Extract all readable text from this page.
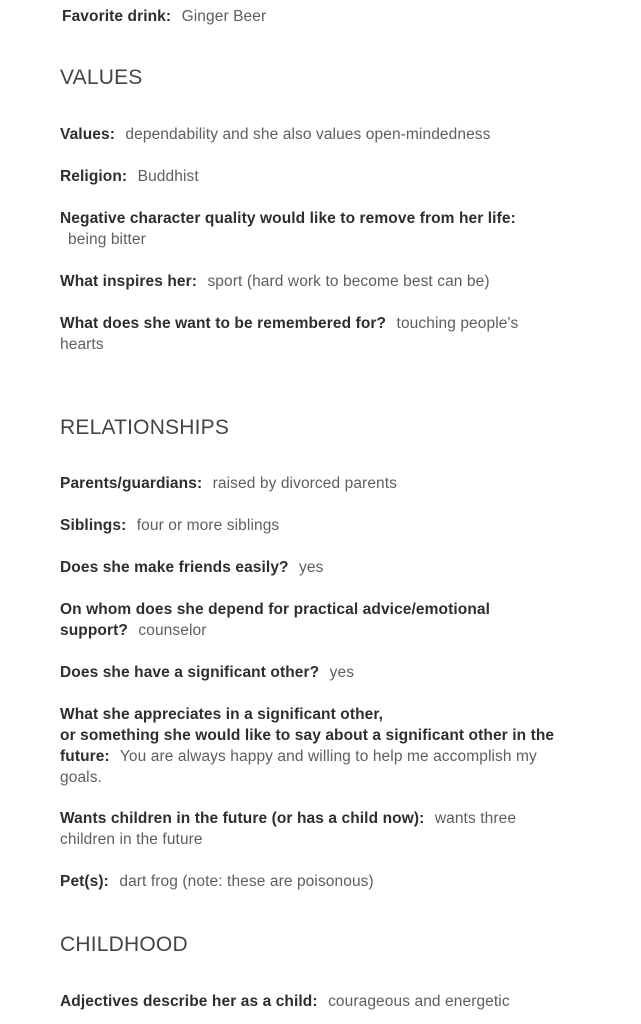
Favorite drink: Ginger Beer
VALUES
Values: dependability and she also values open-mindedness
Religion: Buddhist
Negative character quality would like to remove from her life:
being bitter
What inspires her: sport (hard work to become best can be)
What does she want to be remembered for? touching people's
hearts
RELATIONSHIPS
Parents/guardians: raised by divorced parents
Siblings: four or more siblings
Does she make friends easily? yes
On whom does she depend for practical advice/emotional
support? counselor
Does she have a significant other? yes
What she appreciates in a significant other,
or something she would like to say about a significant other in the
future: You are always happy and willing to help me accomplish my
goals.
Wants children in the future (or has a child now): wants three
children in the future
Pet(s): dart frog (note: these are poisonous)
CHILDHOOD
Adjectives describe her as a child: courageous and energetic
